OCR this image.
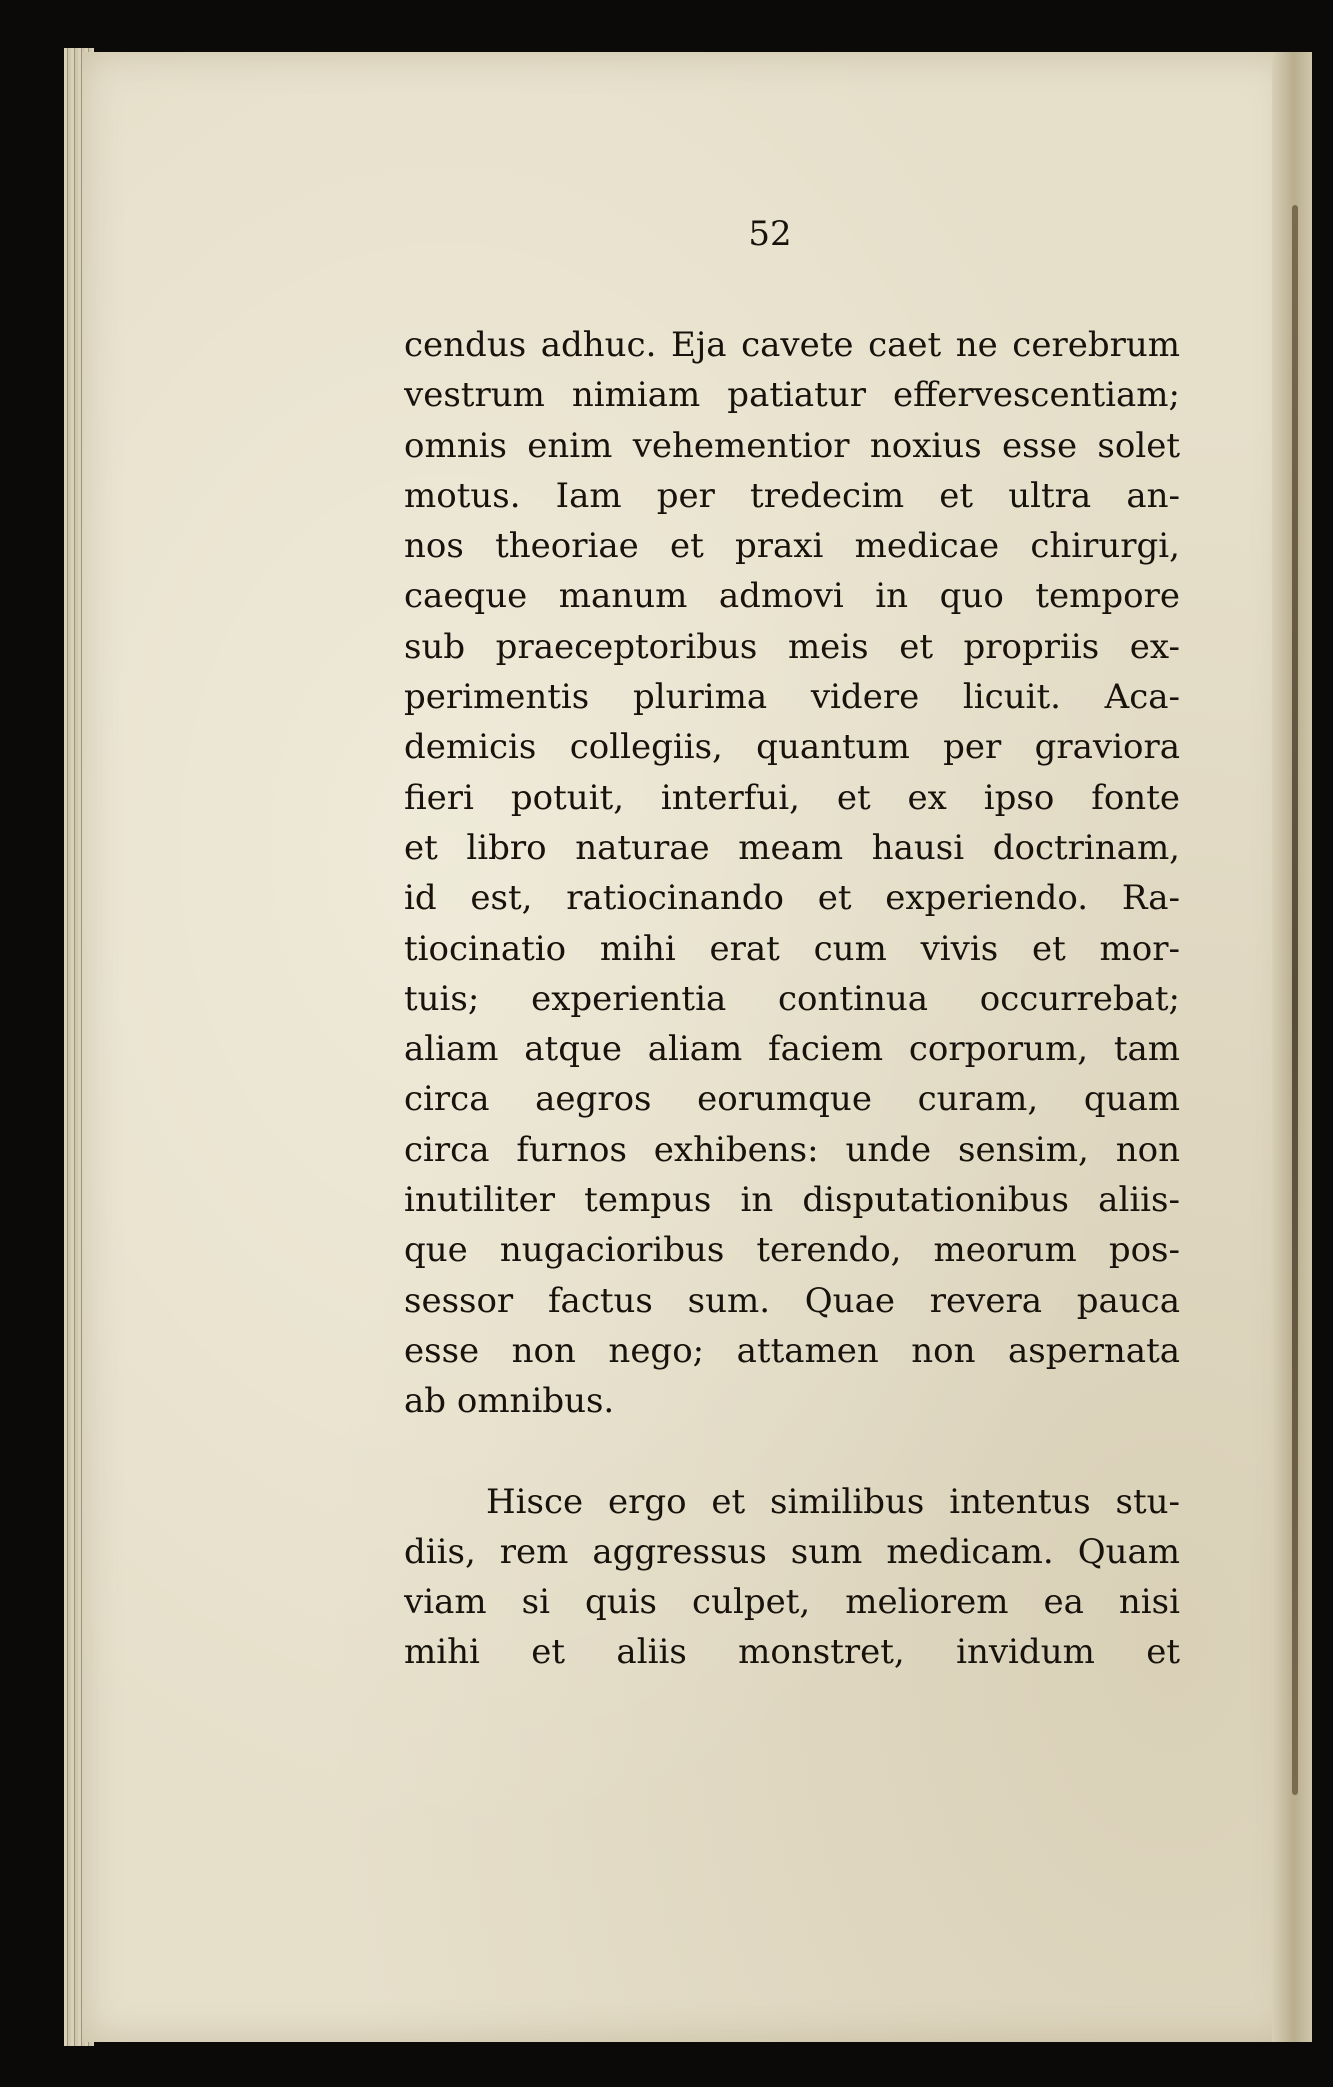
52
cendus adhuc. Eja cavete caet ne cerebrum
vestrum nimiam patiatur effervescentiam;
omnis enim vehementior noxius esse solet
motus. Iam per tredecim et ultra an-
nos theoriae et praxi medicae chirurgi,
caeque manum admovi in quo tempore
sub praeceptoribus meis et propriis ex-
perimentis plurima videre licuit. Aca-
demicis collegiis, quantum per graviora
fieri potuit, interfui, et ex ipso fonte
et libro naturae meam hausi doctrinam,
id est, ratiocinando et experiendo. Ra-
tiocinatio mihi erat cum vivis et mor-
tuis; experientia continua occurrebat;
aliam atque aliam faciem corporum, tam
circa aegros eorumque curam, quam
circa furnos exhibens: unde sensim, non
inutiliter tempus in disputationibus aliis-
que nugacioribus terendo, meorum pos-
sessor factus sum. Quae revera pauca
esse non nego; attamen non aspernata
ab omnibus.
Hisce ergo et similibus intentus stu-
diis, rem aggressus sum medicam. Quam
viam si quis culpet, meliorem ea nisi
mihi et aliis monstret, invidum et
